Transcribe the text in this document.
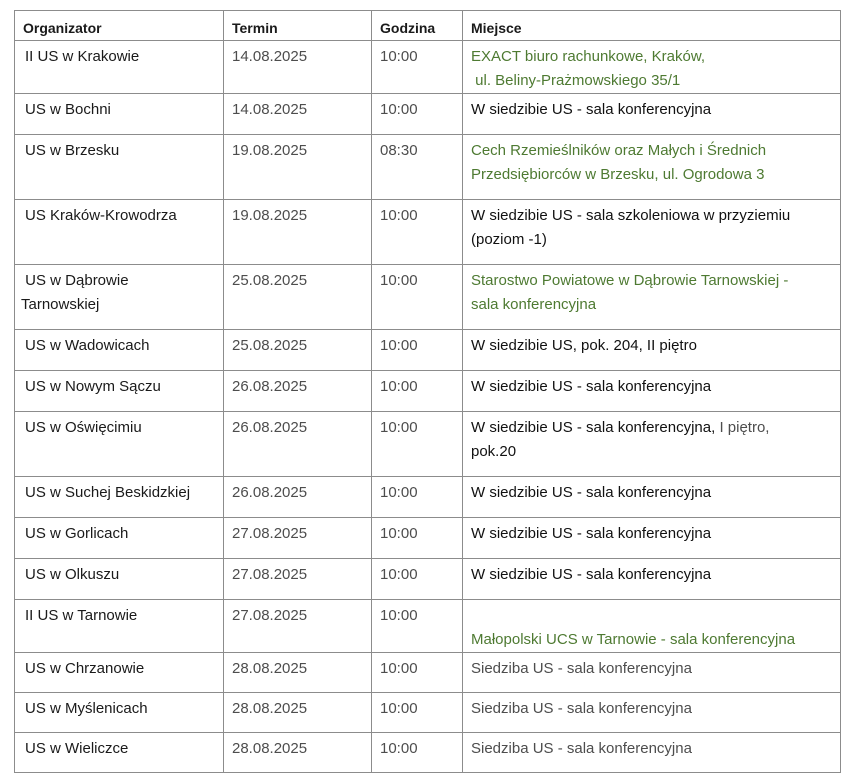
Organizator	Termin	Godzina	Miejsce

II US w Krakowie	14.08.2025	10:00	EXACT biuro rachunkowe, Kraków,
ul. Beliny-Prażmowskiego 35/1

US w Bochni	14.08.2025	10:00	W siedzibie US - sala konferencyjna

US w Brzesku	19.08.2025	08:30	Cech Rzemieślników oraz Małych i Średnich
Przedsiębiorców w Brzesku, ul. Ogrodowa 3

US Kraków-Krowodrza	19.08.2025	10:00	W siedzibie US - sala szkoleniowa w przyziemiu
(poziom -1)

US w Dąbrowie
Tarnowskiej	25.08.2025	10:00	Starostwo Powiatowe w Dąbrowie Tarnowskiej -
sala konferencyjna

US w Wadowicach	25.08.2025	10:00	W siedzibie US, pok. 204, II piętro

US w Nowym Sączu	26.08.2025	10:00	W siedzibie US - sala konferencyjna

US w Oświęcimiu	26.08.2025	10:00	W siedzibie US - sala konferencyjna, I piętro,
pok.20

US w Suchej Beskidzkiej	26.08.2025	10:00	W siedzibie US - sala konferencyjna

US w Gorlicach	27.08.2025	10:00	W siedzibie US - sala konferencyjna

US w Olkuszu	27.08.2025	10:00	W siedzibie US - sala konferencyjna

II US w Tarnowie	27.08.2025	10:00	Małopolski UCS w Tarnowie - sala konferencyjna

US w Chrzanowie	28.08.2025	10:00	Siedziba US - sala konferencyjna

US w Myślenicach	28.08.2025	10:00	Siedziba US - sala konferencyjna

US w Wieliczce	28.08.2025	10:00	Siedziba US - sala konferencyjna
